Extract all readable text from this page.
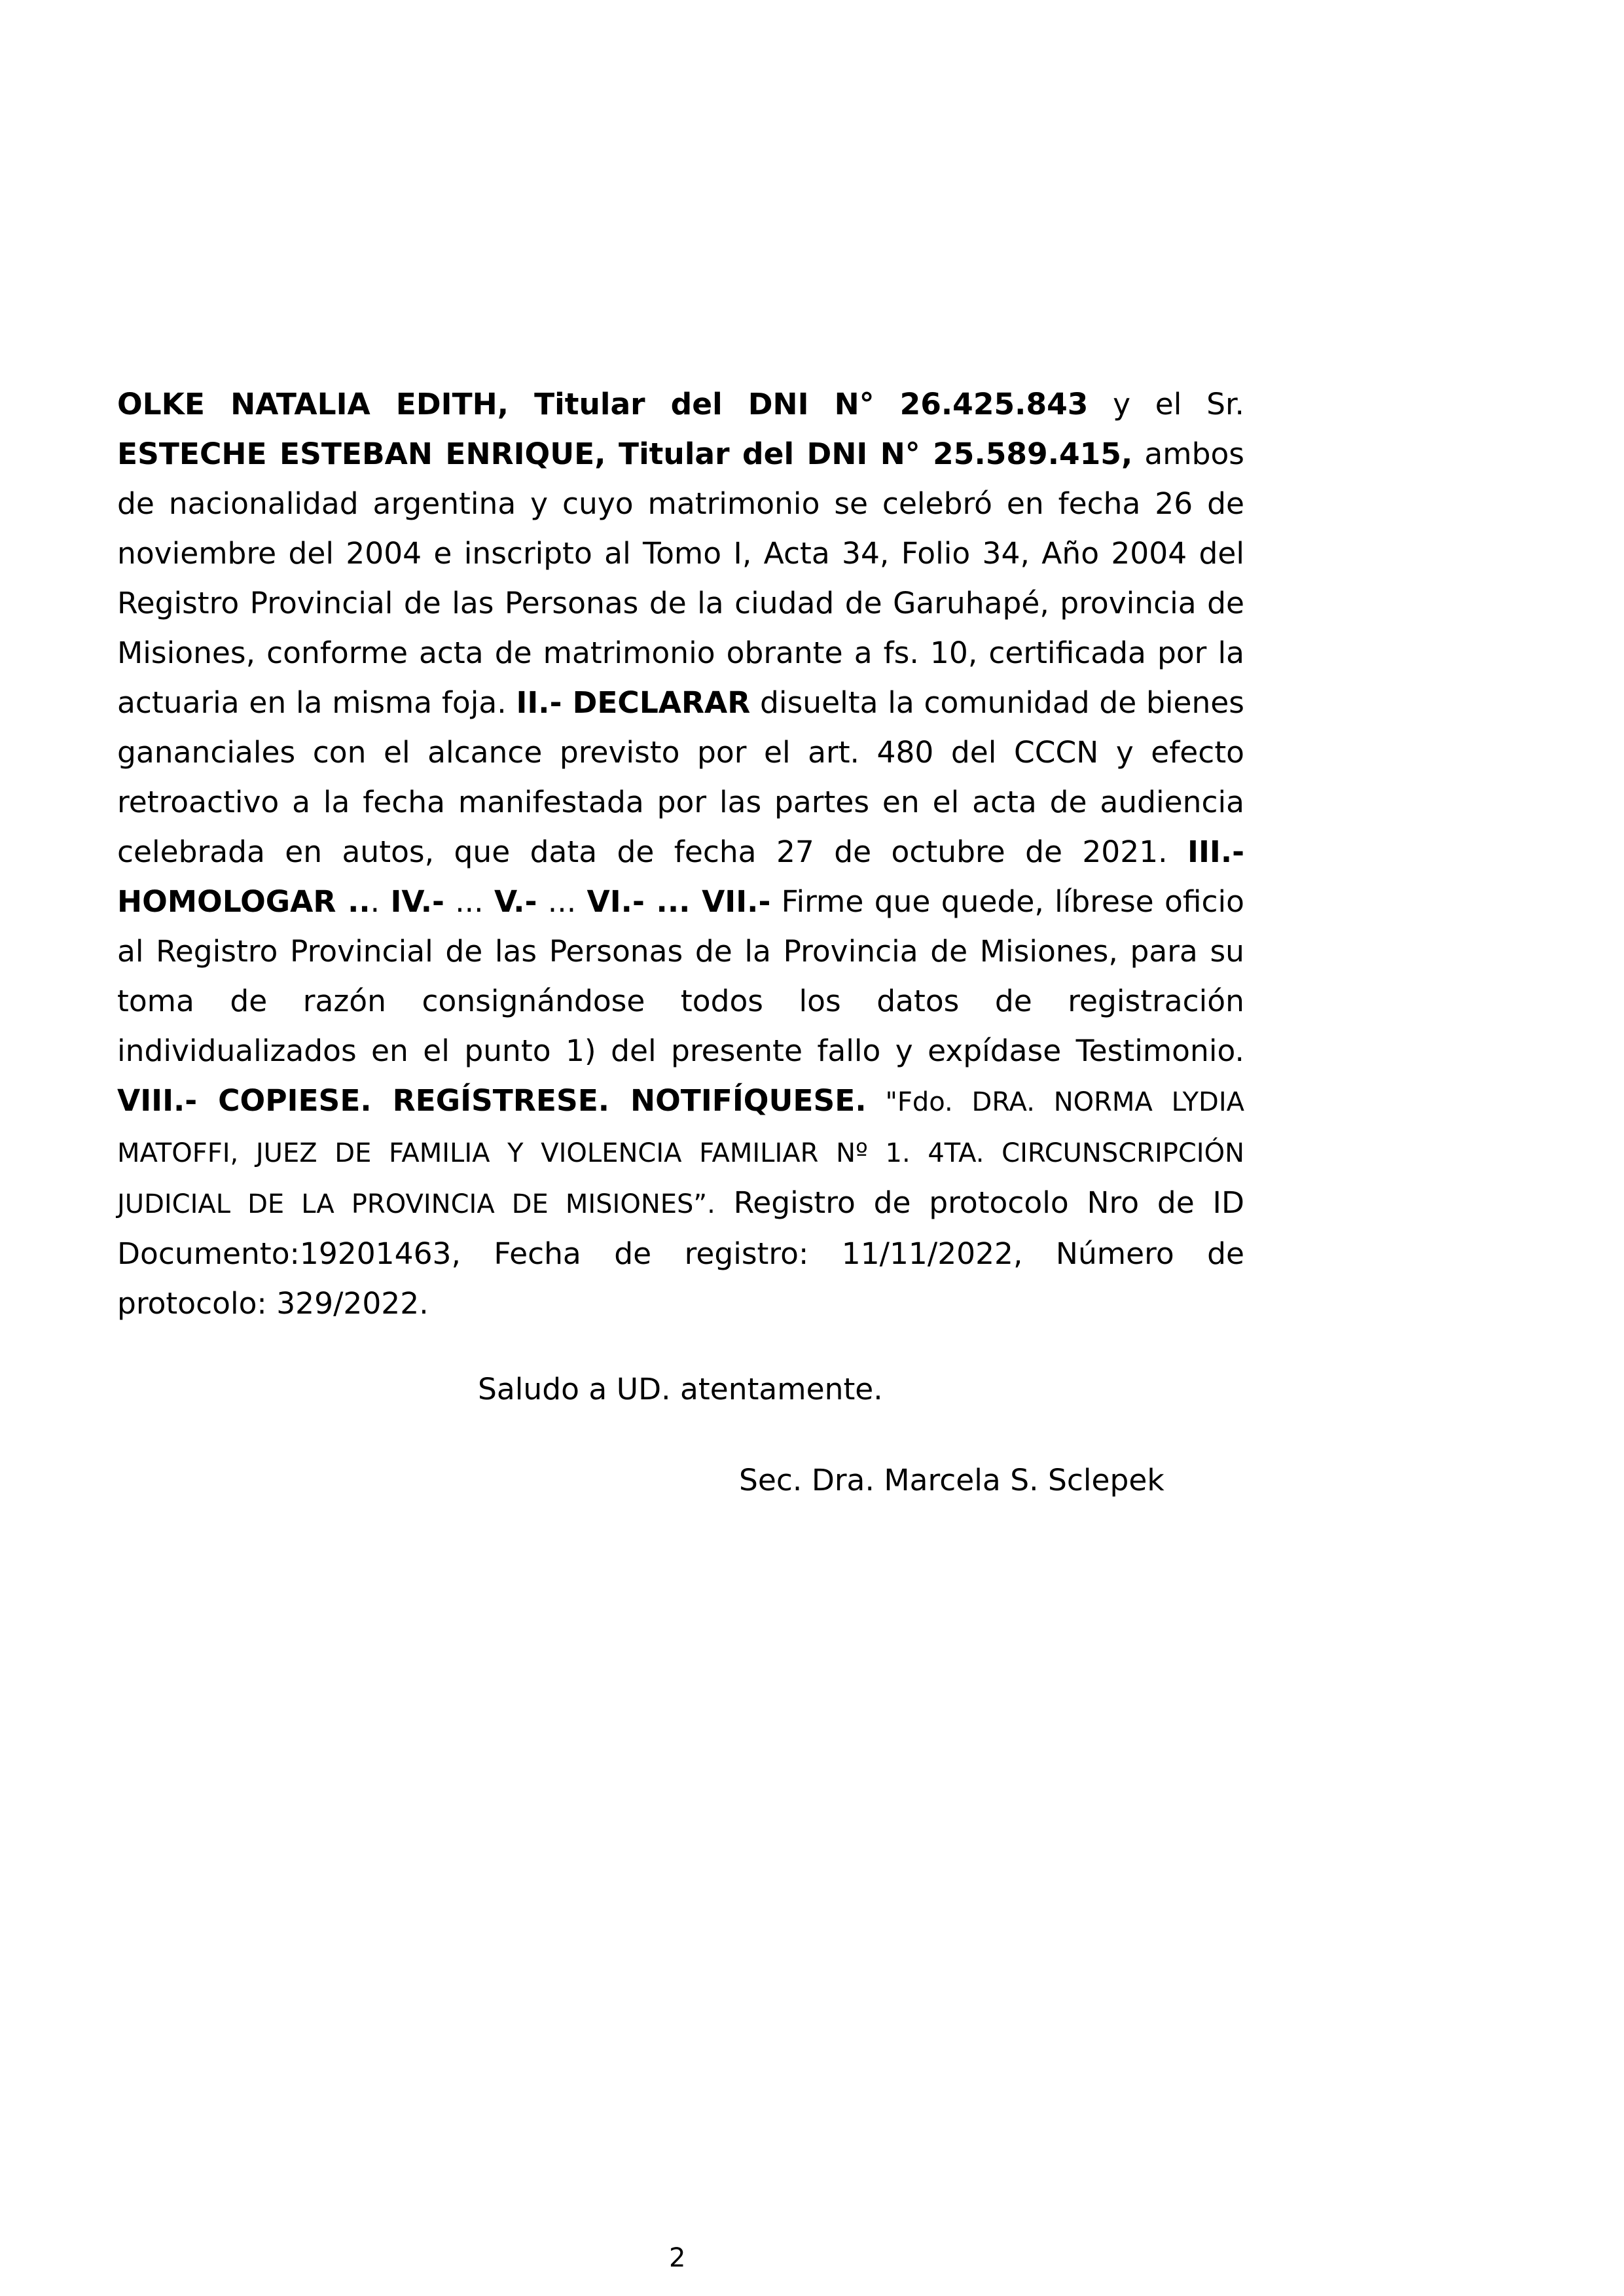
OLKE NATALIA EDITH, Titular del DNI N° 26.425.843 y el Sr. ESTECHE ESTEBAN ENRIQUE, Titular del DNI N° 25.589.415, ambos de nacionalidad argentina y cuyo matrimonio se celebró en fecha 26 de noviembre del 2004 e inscripto al Tomo I, Acta 34, Folio 34, Año 2004 del Registro Provincial de las Personas de la ciudad de Garuhapé, provincia de Misiones, conforme acta de matrimonio obrante a fs. 10, certificada por la actuaria en la misma foja. II.- DECLARAR disuelta la comunidad de bienes gananciales con el alcance previsto por el art. 480 del CCCN y efecto retroactivo a la fecha manifestada por las partes en el acta de audiencia celebrada en autos, que data de fecha 27 de octubre de 2021. III.- HOMOLOGAR ... IV.- ... V.- ... VI.- ... VII.- Firme que quede, líbrese oficio al Registro Provincial de las Personas de la Provincia de Misiones, para su toma de razón consignándose todos los datos de registración individualizados en el punto 1) del presente fallo y expídase Testimonio. VIII.- COPIESE. REGÍSTRESE. NOTIFÍQUESE. "Fdo. DRA. NORMA LYDIA MATOFFI, JUEZ DE FAMILIA Y VIOLENCIA FAMILIAR Nº 1. 4TA. CIRCUNSCRIPCIÓN JUDICIAL DE LA PROVINCIA DE MISIONES”. Registro de protocolo Nro de ID Documento:19201463, Fecha de registro: 11/11/2022, Número de protocolo: 329/2022.

Saludo a UD. atentamente.

Sec. Dra. Marcela S. Sclepek

2
